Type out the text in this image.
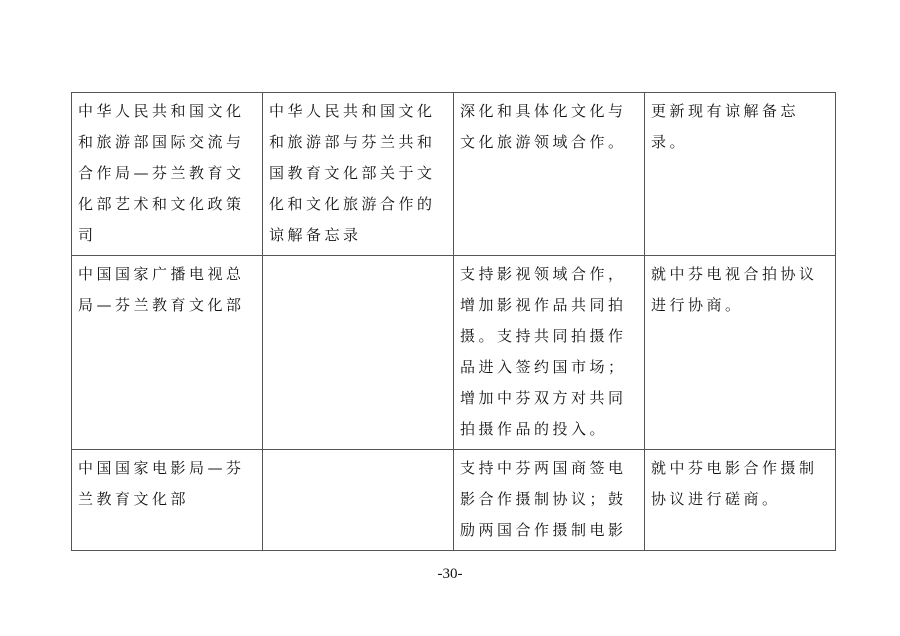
中华人民共和国文化和旅游部国际交流与合作局—芬兰教育文化部艺术和文化政策司	中华人民共和国文化和旅游部与芬兰共和国教育文化部关于文化和文化旅游合作的谅解备忘录	深化和具体化文化与文化旅游领域合作。	更新现有谅解备忘录。
中国国家广播电视总局—芬兰教育文化部		支持影视领域合作，增加影视作品共同拍摄。支持共同拍摄作品进入签约国市场；增加中芬双方对共同拍摄作品的投入。	就中芬电视合拍协议进行协商。
中国国家电影局—芬兰教育文化部		支持中芬两国商签电影合作摄制协议；鼓励两国合作摄制电影	就中芬电影合作摄制协议进行磋商。
-30-
